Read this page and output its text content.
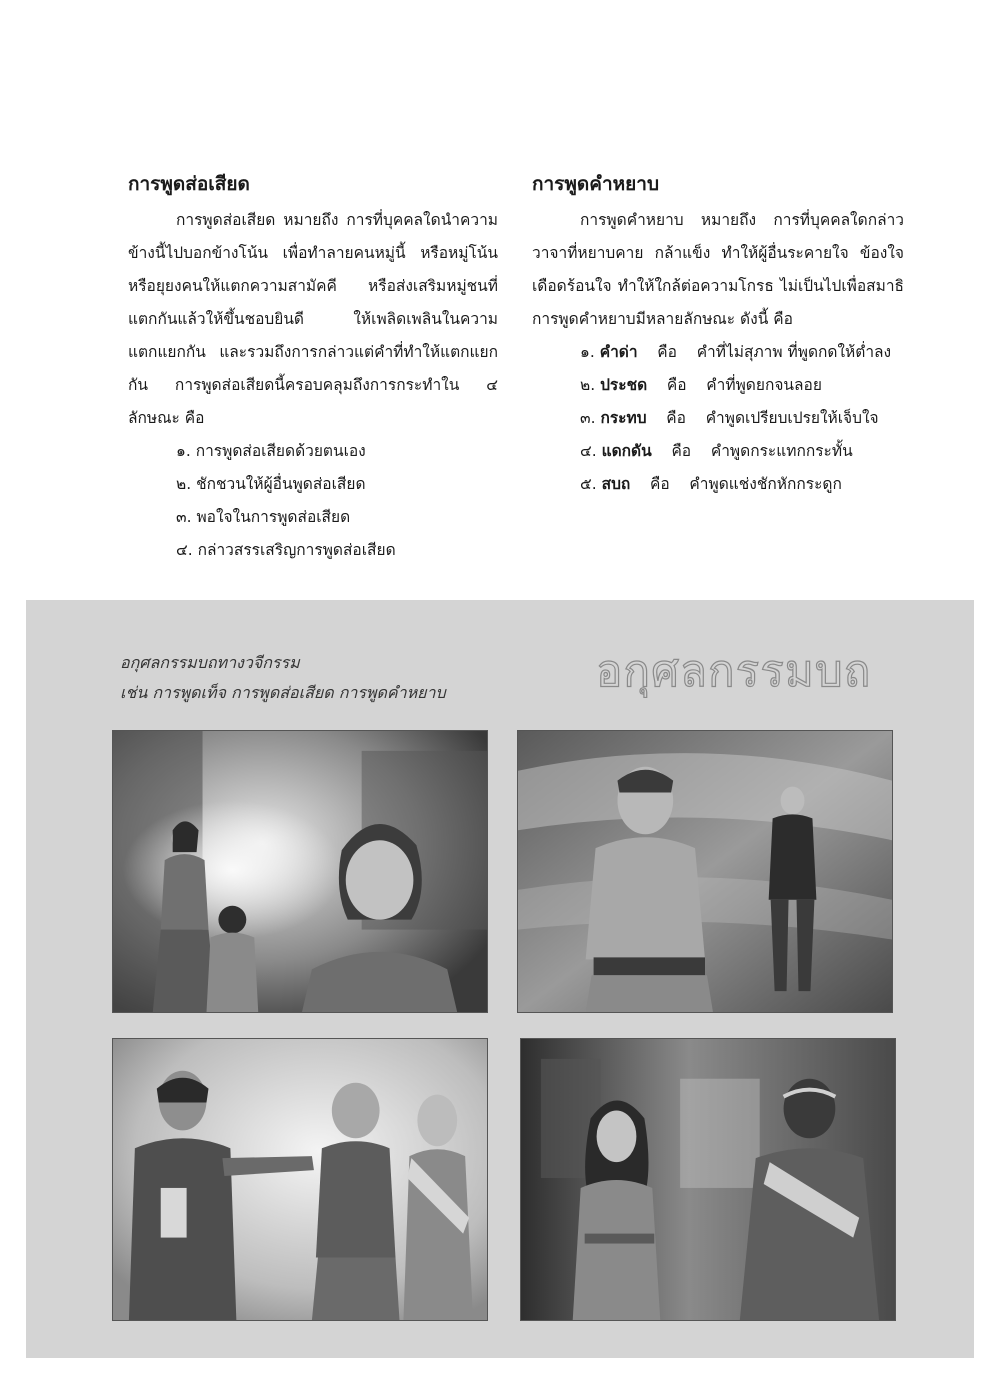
การพูดส่อเสียด

การพูดส่อเสียด หมายถึง การที่บุคคลใดนำความข้างนี้ไปบอกข้างโน้น เพื่อทำลายคนหมู่นี้ หรือหมู่โน้น หรือยุยงคนให้แตกความสามัคคี หรือส่งเสริมหมู่ชนที่แตกกันแล้วให้ขึ้นชอบยินดี ให้เพลิดเพลินในความแตกแยกกัน และรวมถึงการกล่าวแต่คำที่ทำให้แตกแยกกัน การพูดส่อเสียดนี้ครอบคลุมถึงการกระทำใน ๔ ลักษณะ คือ

๑. การพูดส่อเสียดด้วยตนเอง
๒. ชักชวนให้ผู้อื่นพูดส่อเสียด
๓. พอใจในการพูดส่อเสียด
๔. กล่าวสรรเสริญการพูดส่อเสียด
การพูดคำหยาบ

การพูดคำหยาบ หมายถึง การที่บุคคลใดกล่าววาจาที่หยาบคาย กล้าแข็ง ทำให้ผู้อื่นระคายใจ ข้องใจ เดือดร้อนใจ ทำให้ใกล้ต่อความโกรธ ไม่เป็นไปเพื่อสมาธิ การพูดคำหยาบมีหลายลักษณะ ดังนี้ คือ

๑. คำด่า คือ คำที่ไม่สุภาพ ที่พูดกดให้ต่ำลง
๒. ประชด คือ คำที่พูดยกจนลอย
๓. กระทบ คือ คำพูดเปรียบเปรยให้เจ็บใจ
๔. แดกดัน คือ คำพูดกระแทกกระทั้น
๕. สบถ คือ คำพูดแช่งชักหักกระดูก
อกุศลกรรมบถทางวจีกรรม
เช่น การพูดเท็จ การพูดส่อเสียด การพูดคำหยาบ	อกุศลกรรมบถ
